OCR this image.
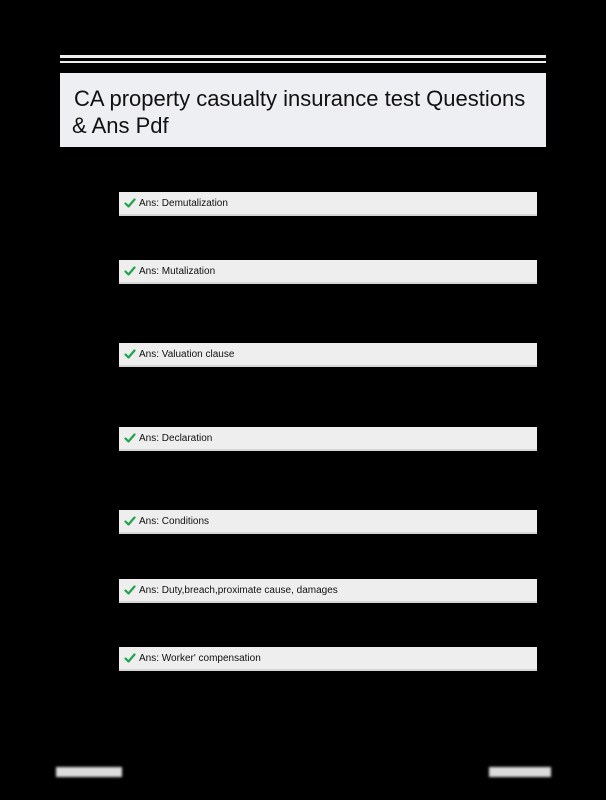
CA property casualty insurance test Questions & Ans Pdf
Ans: Demutalization
Ans: Mutalization
Ans: Valuation clause
Ans: Declaration
Ans: Conditions
Ans: Duty,breach,proximate cause, damages
Ans: Worker' compensation
